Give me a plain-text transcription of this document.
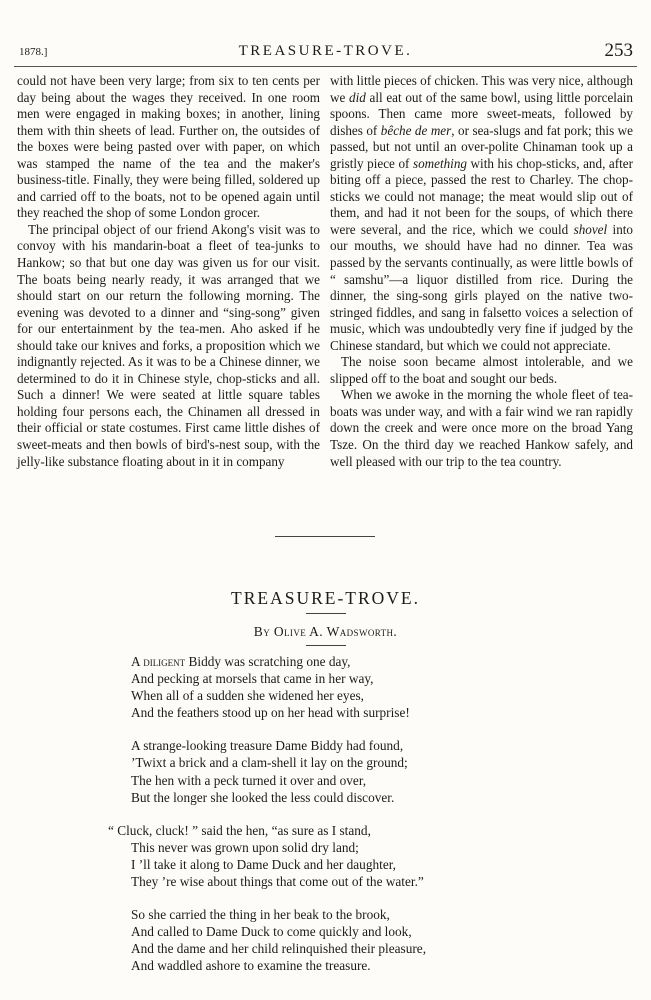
1878.]	TREASURE-TROVE.	253

could not have been very large; from six to ten cents per day being about the wages they received. In one room men were engaged in making boxes; in another, lining them with thin sheets of lead. Further on, the outsides of the boxes were being pasted over with paper, on which was stamped the name of the tea and the maker's business-title. Finally, they were being filled, soldered up and carried off to the boats, not to be opened again until they reached the shop of some London grocer.

The principal object of our friend Akong's visit was to convoy with his mandarin-boat a fleet of tea-junks to Hankow; so that but one day was given us for our visit. The boats being nearly ready, it was arranged that we should start on our return the following morning. The evening was devoted to a dinner and “sing-song” given for our entertainment by the tea-men. Aho asked if he should take our knives and forks, a proposition which we indignantly rejected. As it was to be a Chinese dinner, we determined to do it in Chinese style, chop-sticks and all. Such a dinner! We were seated at little square tables holding four persons each, the Chinamen all dressed in their official or state costumes. First came little dishes of sweet-meats and then bowls of bird's-nest soup, with the jelly-like substance floating about in it in company

with little pieces of chicken. This was very nice, although we did all eat out of the same bowl, using little porcelain spoons. Then came more sweet-meats, followed by dishes of bêche de mer, or sea-slugs and fat pork; this we passed, but not until an over-polite Chinaman took up a gristly piece of something with his chop-sticks, and, after biting off a piece, passed the rest to Charley. The chop-sticks we could not manage; the meat would slip out of them, and had it not been for the soups, of which there were several, and the rice, which we could shovel into our mouths, we should have had no dinner. Tea was passed by the servants continually, as were little bowls of “ samshu”—a liquor distilled from rice. During the dinner, the sing-song girls played on the native two-stringed fiddles, and sang in falsetto voices a selection of music, which was undoubtedly very fine if judged by the Chinese standard, but which we could not appreciate.

The noise soon became almost intolerable, and we slipped off to the boat and sought our beds.

When we awoke in the morning the whole fleet of tea-boats was under way, and with a fair wind we ran rapidly down the creek and were once more on the broad Yang Tsze. On the third day we reached Hankow safely, and well pleased with our trip to the tea country.

TREASURE-TROVE.
By Olive A. Wadsworth.
A diligent Biddy was scratching one day,
And pecking at morsels that came in her way,
When all of a sudden she widened her eyes,
And the feathers stood up on her head with surprise!
A strange-looking treasure Dame Biddy had found,
’Twixt a brick and a clam-shell it lay on the ground;
The hen with a peck turned it over and over,
But the longer she looked the less could discover.
“ Cluck, cluck! ” said the hen, “as sure as I stand,
This never was grown upon solid dry land;
I ’ll take it along to Dame Duck and her daughter,
They ’re wise about things that come out of the water.”
So she carried the thing in her beak to the brook,
And called to Dame Duck to come quickly and look,
And the dame and her child relinquished their pleasure,
And waddled ashore to examine the treasure.
